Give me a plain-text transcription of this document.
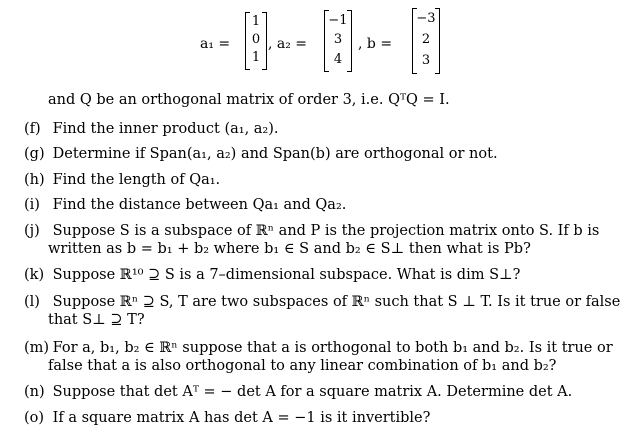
a₁ =
1
0
1
, a₂ =
−1
3
4
, b =
−3
2
3
and Q be an orthogonal matrix of order 3, i.e. QᵀQ = I.
(f) Find the inner product (a₁, a₂).
(g) Determine if Span(a₁, a₂) and Span(b) are orthogonal or not.
(h) Find the length of Qa₁.
(i) Find the distance between Qa₁ and Qa₂.
(j) Suppose S is a subspace of ℝⁿ and P is the projection matrix onto S. If b is
written as b = b₁ + b₂ where b₁ ∈ S and b₂ ∈ S⊥ then what is Pb?
(k) Suppose ℝ¹⁰ ⊇ S is a 7–dimensional subspace. What is dim S⊥?
(l) Suppose ℝⁿ ⊇ S, T are two subspaces of ℝⁿ such that S ⊥ T. Is it true or false
that S⊥ ⊇ T?
(m) For a, b₁, b₂ ∈ ℝⁿ suppose that a is orthogonal to both b₁ and b₂. Is it true or
false that a is also orthogonal to any linear combination of b₁ and b₂?
(n) Suppose that det Aᵀ = − det A for a square matrix A. Determine det A.
(o) If a square matrix A has det A = −1 is it invertible?
